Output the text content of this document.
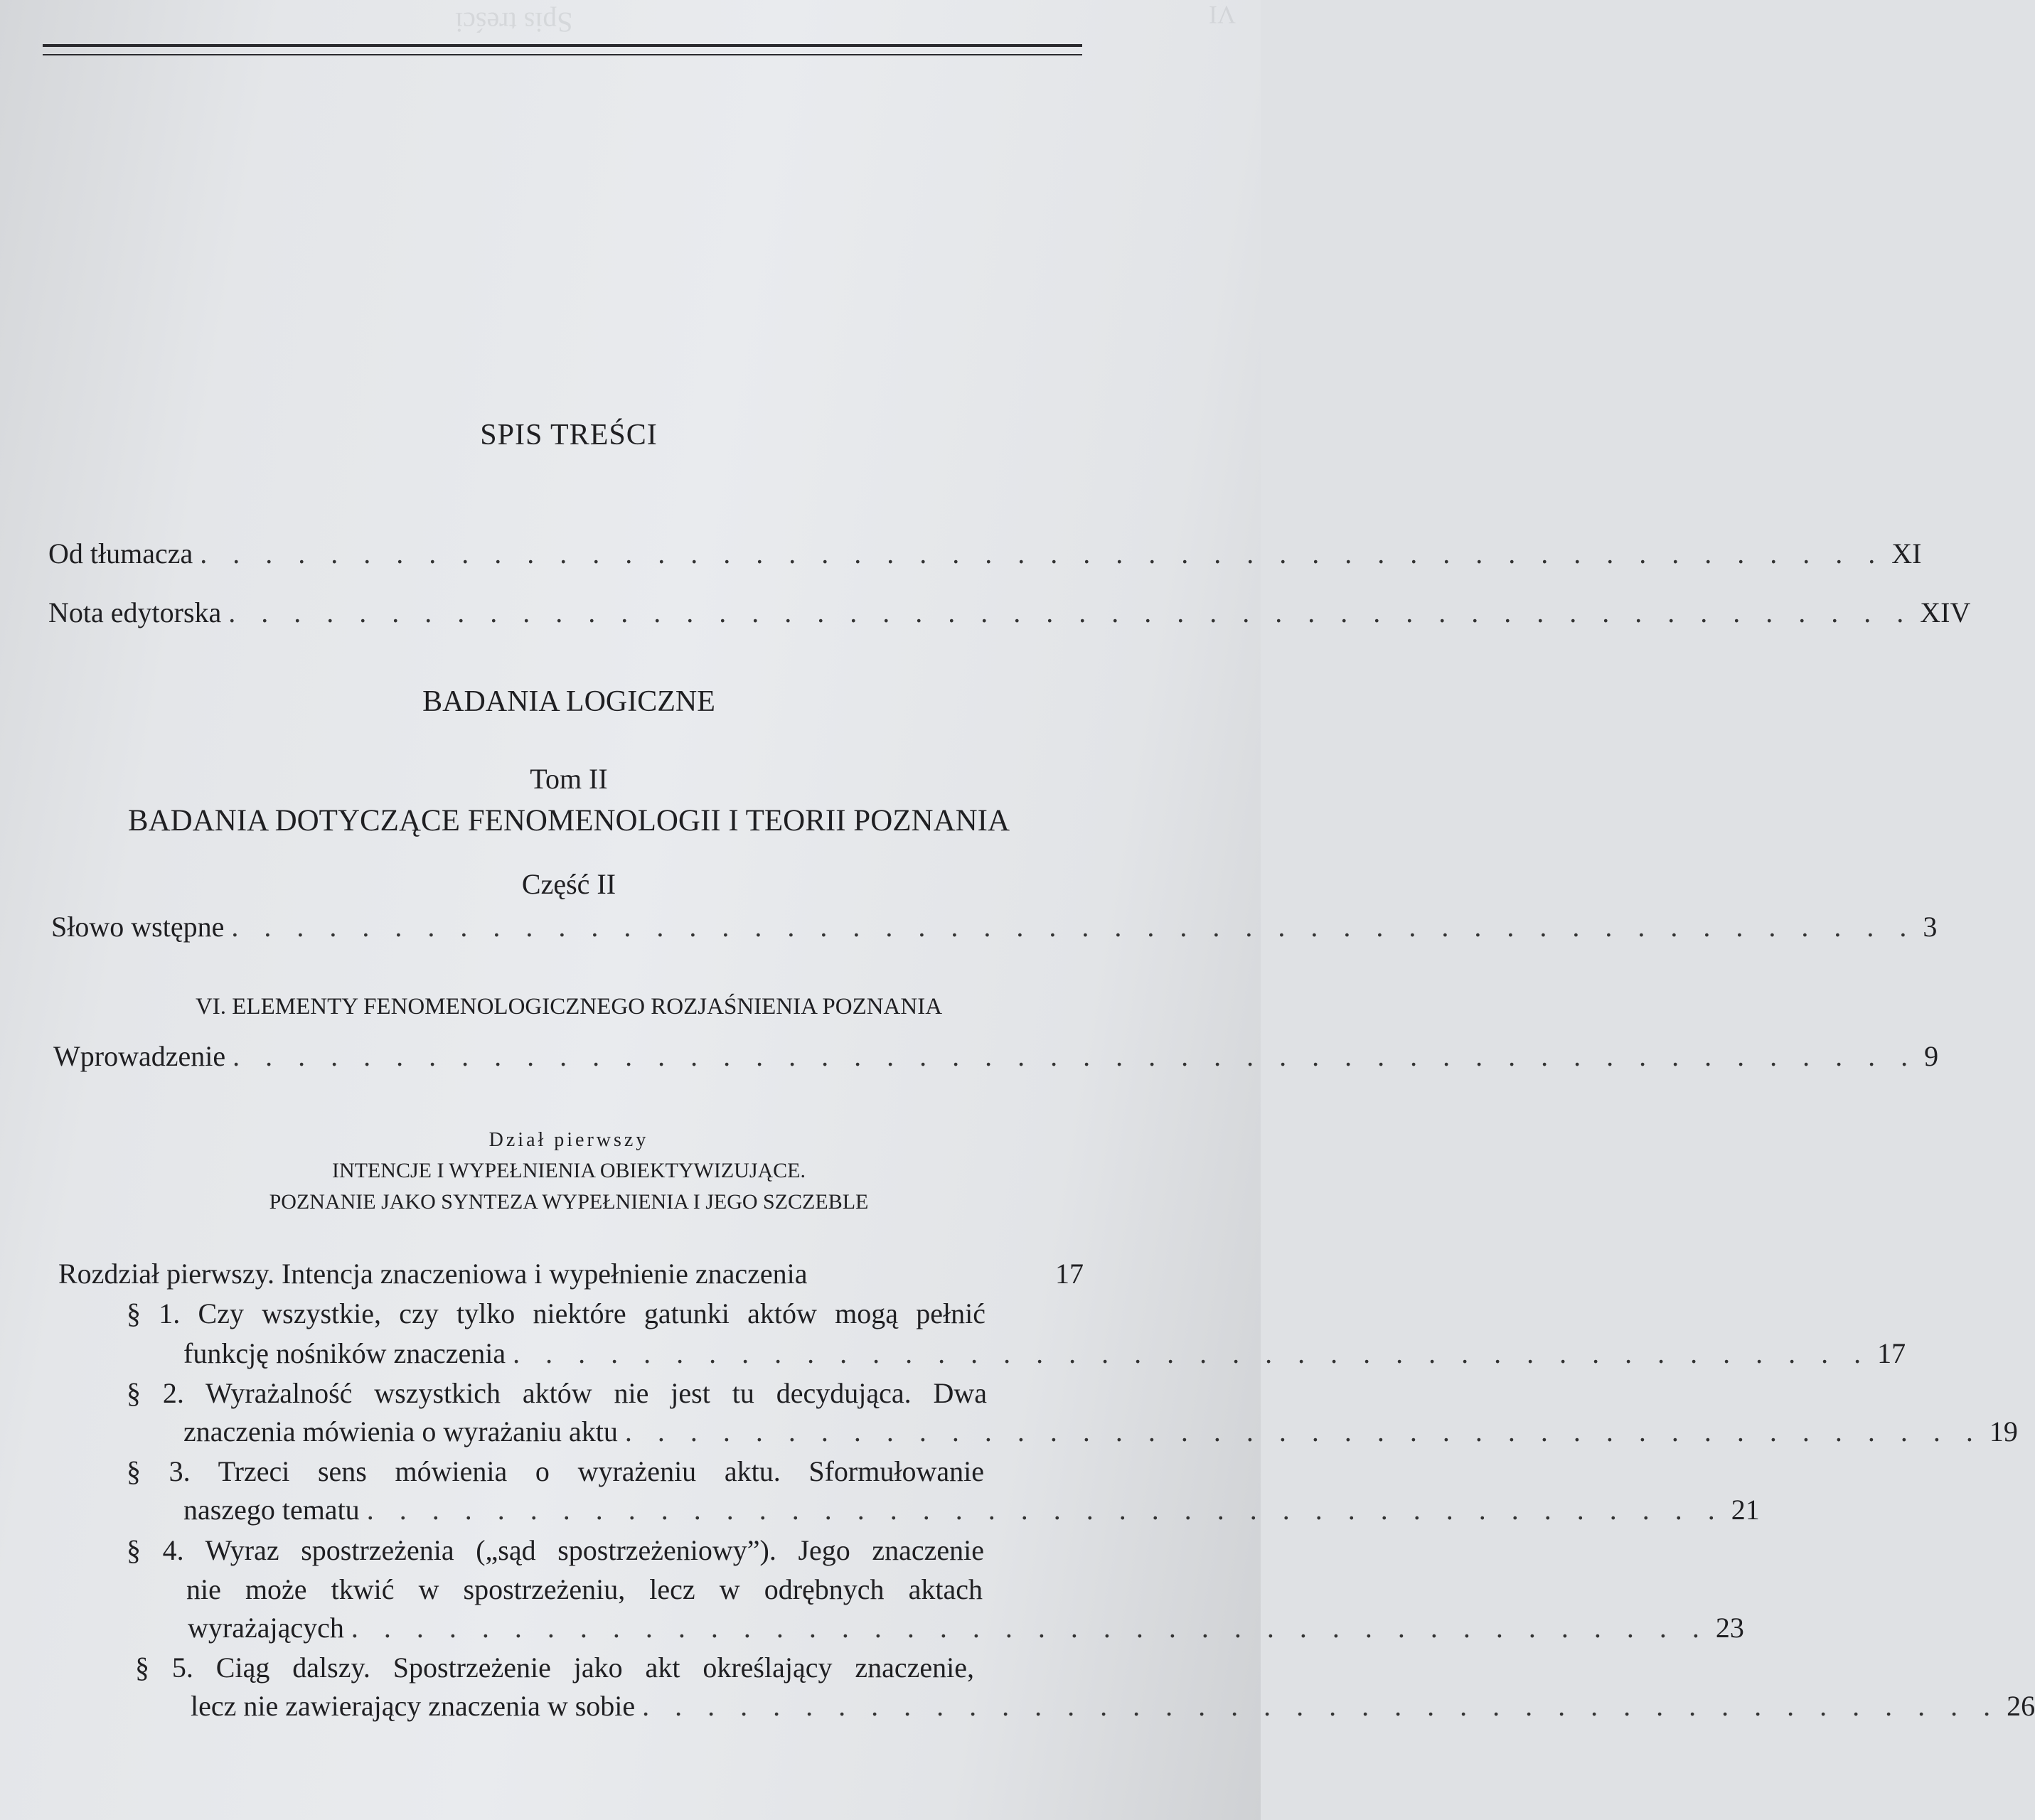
Spis treści	VI
SPIS TREŚCI
Od tłumacza . . . . . . . . . . . . . . . . . . . . . . . . . . . . . . . . . . . . . . . . . . . . . . . . . . . . XI
Nota edytorska . . . . . . . . . . . . . . . . . . . . . . . . . . . . . . . . . . . . . . . . . . . . . . . . . . . . XIV
BADANIA LOGICZNE
Tom II
BADANIA DOTYCZĄCE FENOMENOLOGII I TEORII POZNANIA
Część II
Słowo wstępne . . . . . . . . . . . . . . . . . . . . . . . . . . . . . . . . . . . . . . . . . . . . . . . . . . . . 3
VI. ELEMENTY FENOMENOLOGICZNEGO ROZJAŚNIENIA POZNANIA
Wprowadzenie . . . . . . . . . . . . . . . . . . . . . . . . . . . . . . . . . . . . . . . . . . . . . . . . . . . . 9
Dział pierwszy
INTENCJE I WYPEŁNIENIA OBIEKTYWIZUJĄCE.
POZNANIE JAKO SYNTEZA WYPEŁNIENIA I JEGO SZCZEBLE
Rozdział pierwszy. Intencja znaczeniowa i wypełnienie znaczenia	17
§ 1. Czy wszystkie, czy tylko niektóre gatunki aktów mogą pełnić
funkcję nośników znaczenia . . . . . . . . . . . . . . . . . . . . . . . . . . . . . . . . . . . . . . . . . . 17
§ 2. Wyrażalność wszystkich aktów nie jest tu decydująca. Dwa
znaczenia mówienia o wyrażaniu aktu . . . . . . . . . . . . . . . . . . . . . . . . . . . . . . . . . . . . . . . . . . 19
§ 3. Trzeci sens mówienia o wyrażeniu aktu. Sformułowanie
naszego tematu . . . . . . . . . . . . . . . . . . . . . . . . . . . . . . . . . . . . . . . . . . 21
§ 4. Wyraz spostrzeżenia („sąd spostrzeżeniowy”). Jego znaczenie
nie może tkwić w spostrzeżeniu, lecz w odrębnych aktach
wyrażających . . . . . . . . . . . . . . . . . . . . . . . . . . . . . . . . . . . . . . . . . . 23
§ 5. Ciąg dalszy. Spostrzeżenie jako akt określający znaczenie,
lecz nie zawierający znaczenia w sobie . . . . . . . . . . . . . . . . . . . . . . . . . . . . . . . . . . . . . . . . . . 26
